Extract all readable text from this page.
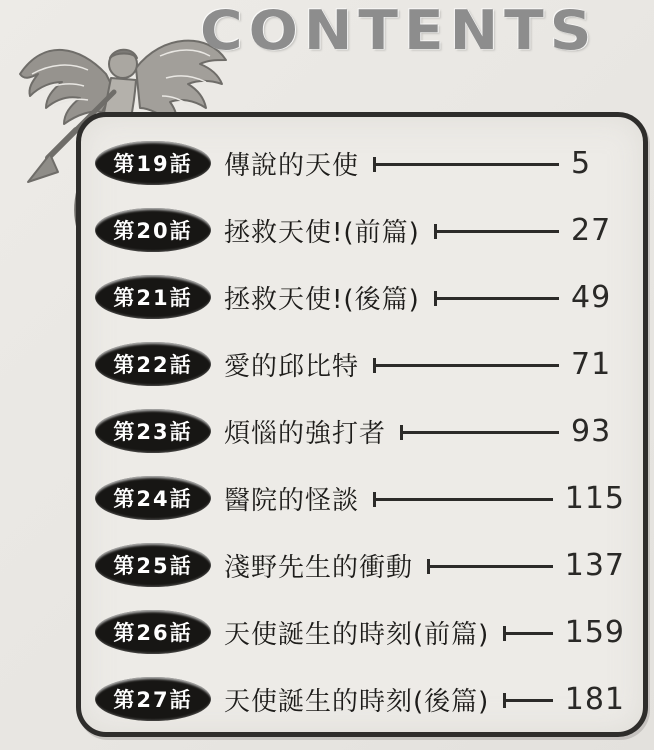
CONTENTS
第19話	傳說的天使	5
第20話	拯救天使!(前篇)	27
第21話	拯救天使!(後篇)	49
第22話	愛的邱比特	71
第23話	煩惱的強打者	93
第24話	醫院的怪談	115
第25話	淺野先生的衝動	137
第26話	天使誕生的時刻(前篇)	159
第27話	天使誕生的時刻(後篇)	181
